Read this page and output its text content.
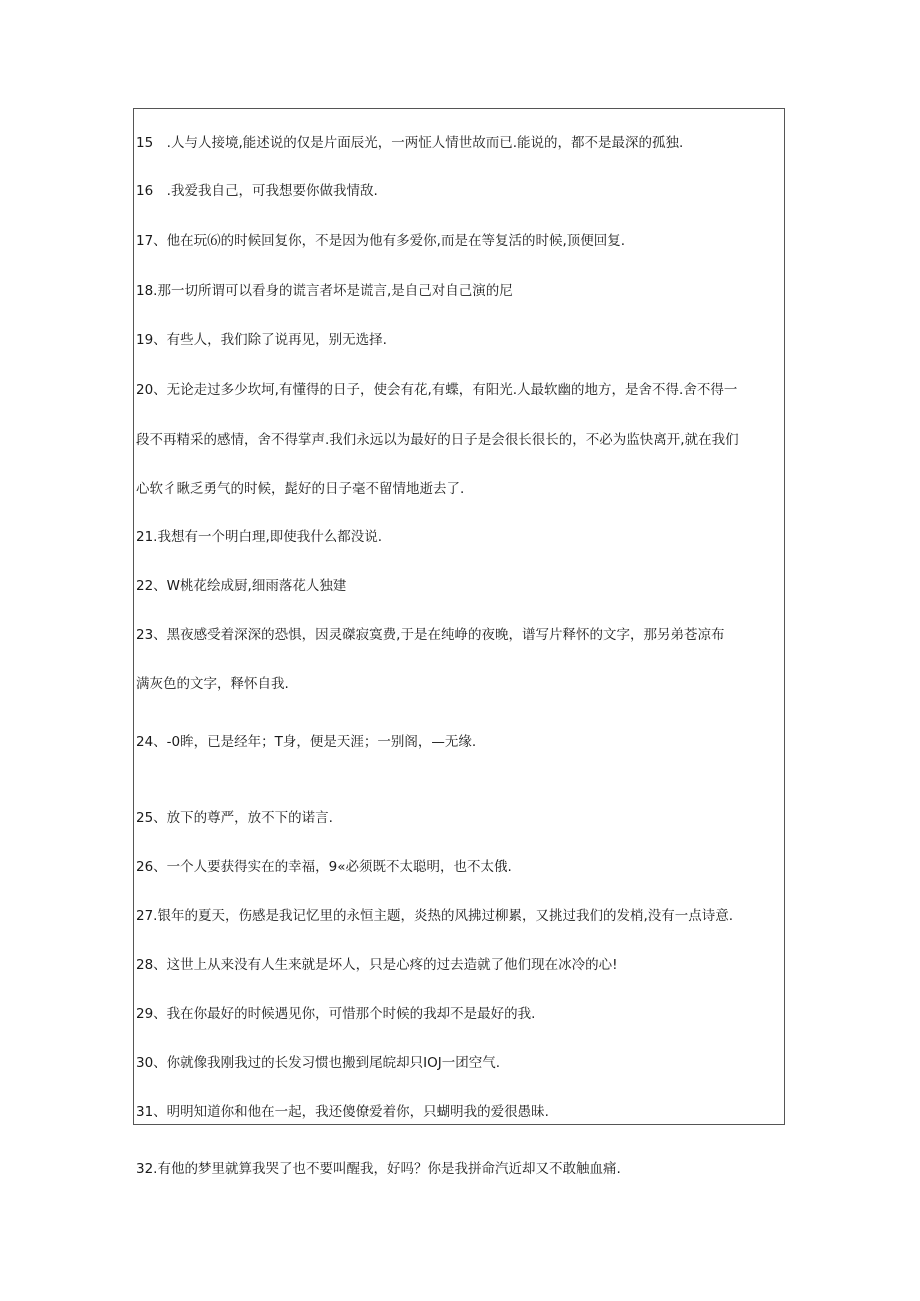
15　.人与人接境,能述说的仅是片面辰光，一两怔人情世故而已.能说的，都不是最深的孤独.
16　.我爱我自己，可我想要你做我情敌.
17、他在玩⑹的时候回复你，不是因为他有多爱你,而是在等复活的时候,顶便回复.
18.那一切所谓可以看身的谎言者坏是谎言,是自己对自己演的尼
19、有些人，我们除了说再见，别无选择.
20、无论走过多少坎坷,有懂得的日子，使会有花,有蝶，有阳光.人最软幽的地方，是舍不得.舍不得一
段不再精采的感情，舍不得掌声.我们永远以为最好的日子是会很长很长的，不必为监快离开,就在我们
心软彳瞅乏勇气的时候，髭好的日子毫不留情地逝去了.
21.我想有一个明白理,即使我什么都没说.
22、W桃花绘成厨,细雨落花人独建
23、黑夜感受着深深的恐惧，因灵磔寂寞费,于是在纯峥的夜晚，谱写片释怀的文字，那另弟苍凉布
满灰色的文字，释怀自我.
24、-0眸，已是经年；T身，便是天涯；一别阁，—无缘.
25、放下的尊严，放不下的诺言.
26、一个人要获得实在的幸福，9«必须既不太聪明，也不太俄.
27.银年的夏天，伤感是我记忆里的永恒主题，炎热的风拂过柳累，又挑过我们的发梢,没有一点诗意.
28、这世上从来没有人生来就是坏人，只是心疼的过去造就了他们现在冰冷的心!
29、我在你最好的时候遇见你，可惜那个时候的我却不是最好的我.
30、你就像我刚我过的长发习惯也搬到尾皖却只IOJ一团空气.
31、明明知道你和他在一起，我还傻僚爱着你，只蝴明我的爱很愚昧.
32.有他的梦里就算我哭了也不要叫醒我，好吗？你是我拼命汽近却又不敢触血痛.
